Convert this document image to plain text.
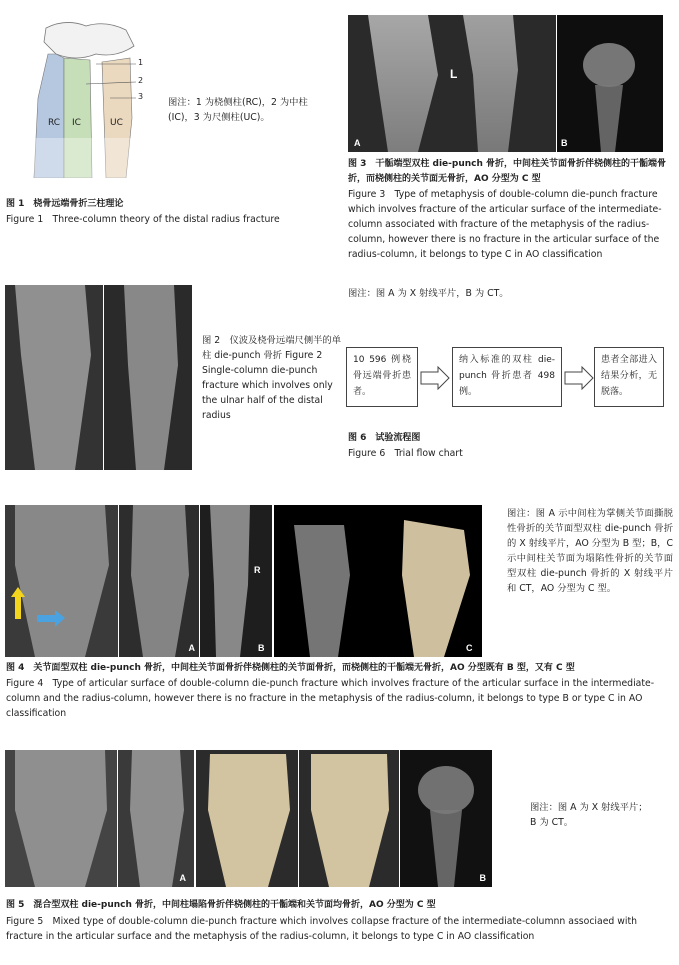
RC IC	UC
1
2
3
图注：1 为桡侧柱(RC)，2 为中柱(IC)，3 为尺侧柱(UC)。
图 1　桡骨远端骨折三柱理论
Figure 1　Three-column theory of the distal radius fracture
A
L
B
图 3　干骺端型双柱 die-punch 骨折，中间柱关节面骨折伴桡侧柱的干骺端骨折，而桡侧柱的关节面无骨折，AO 分型为 C 型
Figure 3　Type of metaphysis of double-column die-punch fracture which involves fracture of the articular surface of the intermediate-column associated with fracture of the metaphysis of the radius-column, however there is no fracture in the articular surface of the radius-column, it belongs to type C in AO classification
图注：图 A 为 X 射线平片，B 为 CT。
图 2　仪波及桡骨远端尺侧半的单柱 die-punch 骨折 Figure 2　Single-column die-punch fracture which involves only the ulnar half of the distal radius
10 596 例桡骨远端骨折患者。
纳入标准的双柱 die-punch 骨折患者 498 例。
患者全部进入结果分析，无脱落。
图 6　试验流程图
Figure 6　Trial flow chart
A
R
B	C
图注：图 A 示中间柱为掌侧关节面撕脱性骨折的关节面型双柱 die-punch 骨折的 X 射线平片，AO 分型为 B 型；B，C 示中间柱关节面为塌陷性骨折的关节面型双柱 die-punch 骨折的 X 射线平片和 CT，AO 分型为 C 型。
图 4　关节面型双柱 die-punch 骨折，中间柱关节面骨折伴桡侧柱的关节面骨折，而桡侧柱的干骺端无骨折，AO 分型既有 B 型，又有 C 型
Figure 4　Type of articular surface of double-column die-punch fracture which involves fracture of the articular surface in the intermediate-column and the radius-column, however there is no fracture in the metaphysis of the radius-column, it belongs to type B or type C in AO classification
A	B
图注：图 A 为 X 射线平片；B 为 CT。
图 5　混合型双柱 die-punch 骨折，中间柱塌陷骨折伴桡侧柱的干骺端和关节面均骨折，AO 分型为 C 型
Figure 5　Mixed type of double-column die-punch fracture which involves collapse fracture of the intermediate-columnn associaed with fracture in the articular surface and the metaphysis of the radius-column, it belongs to type C in AO classification
